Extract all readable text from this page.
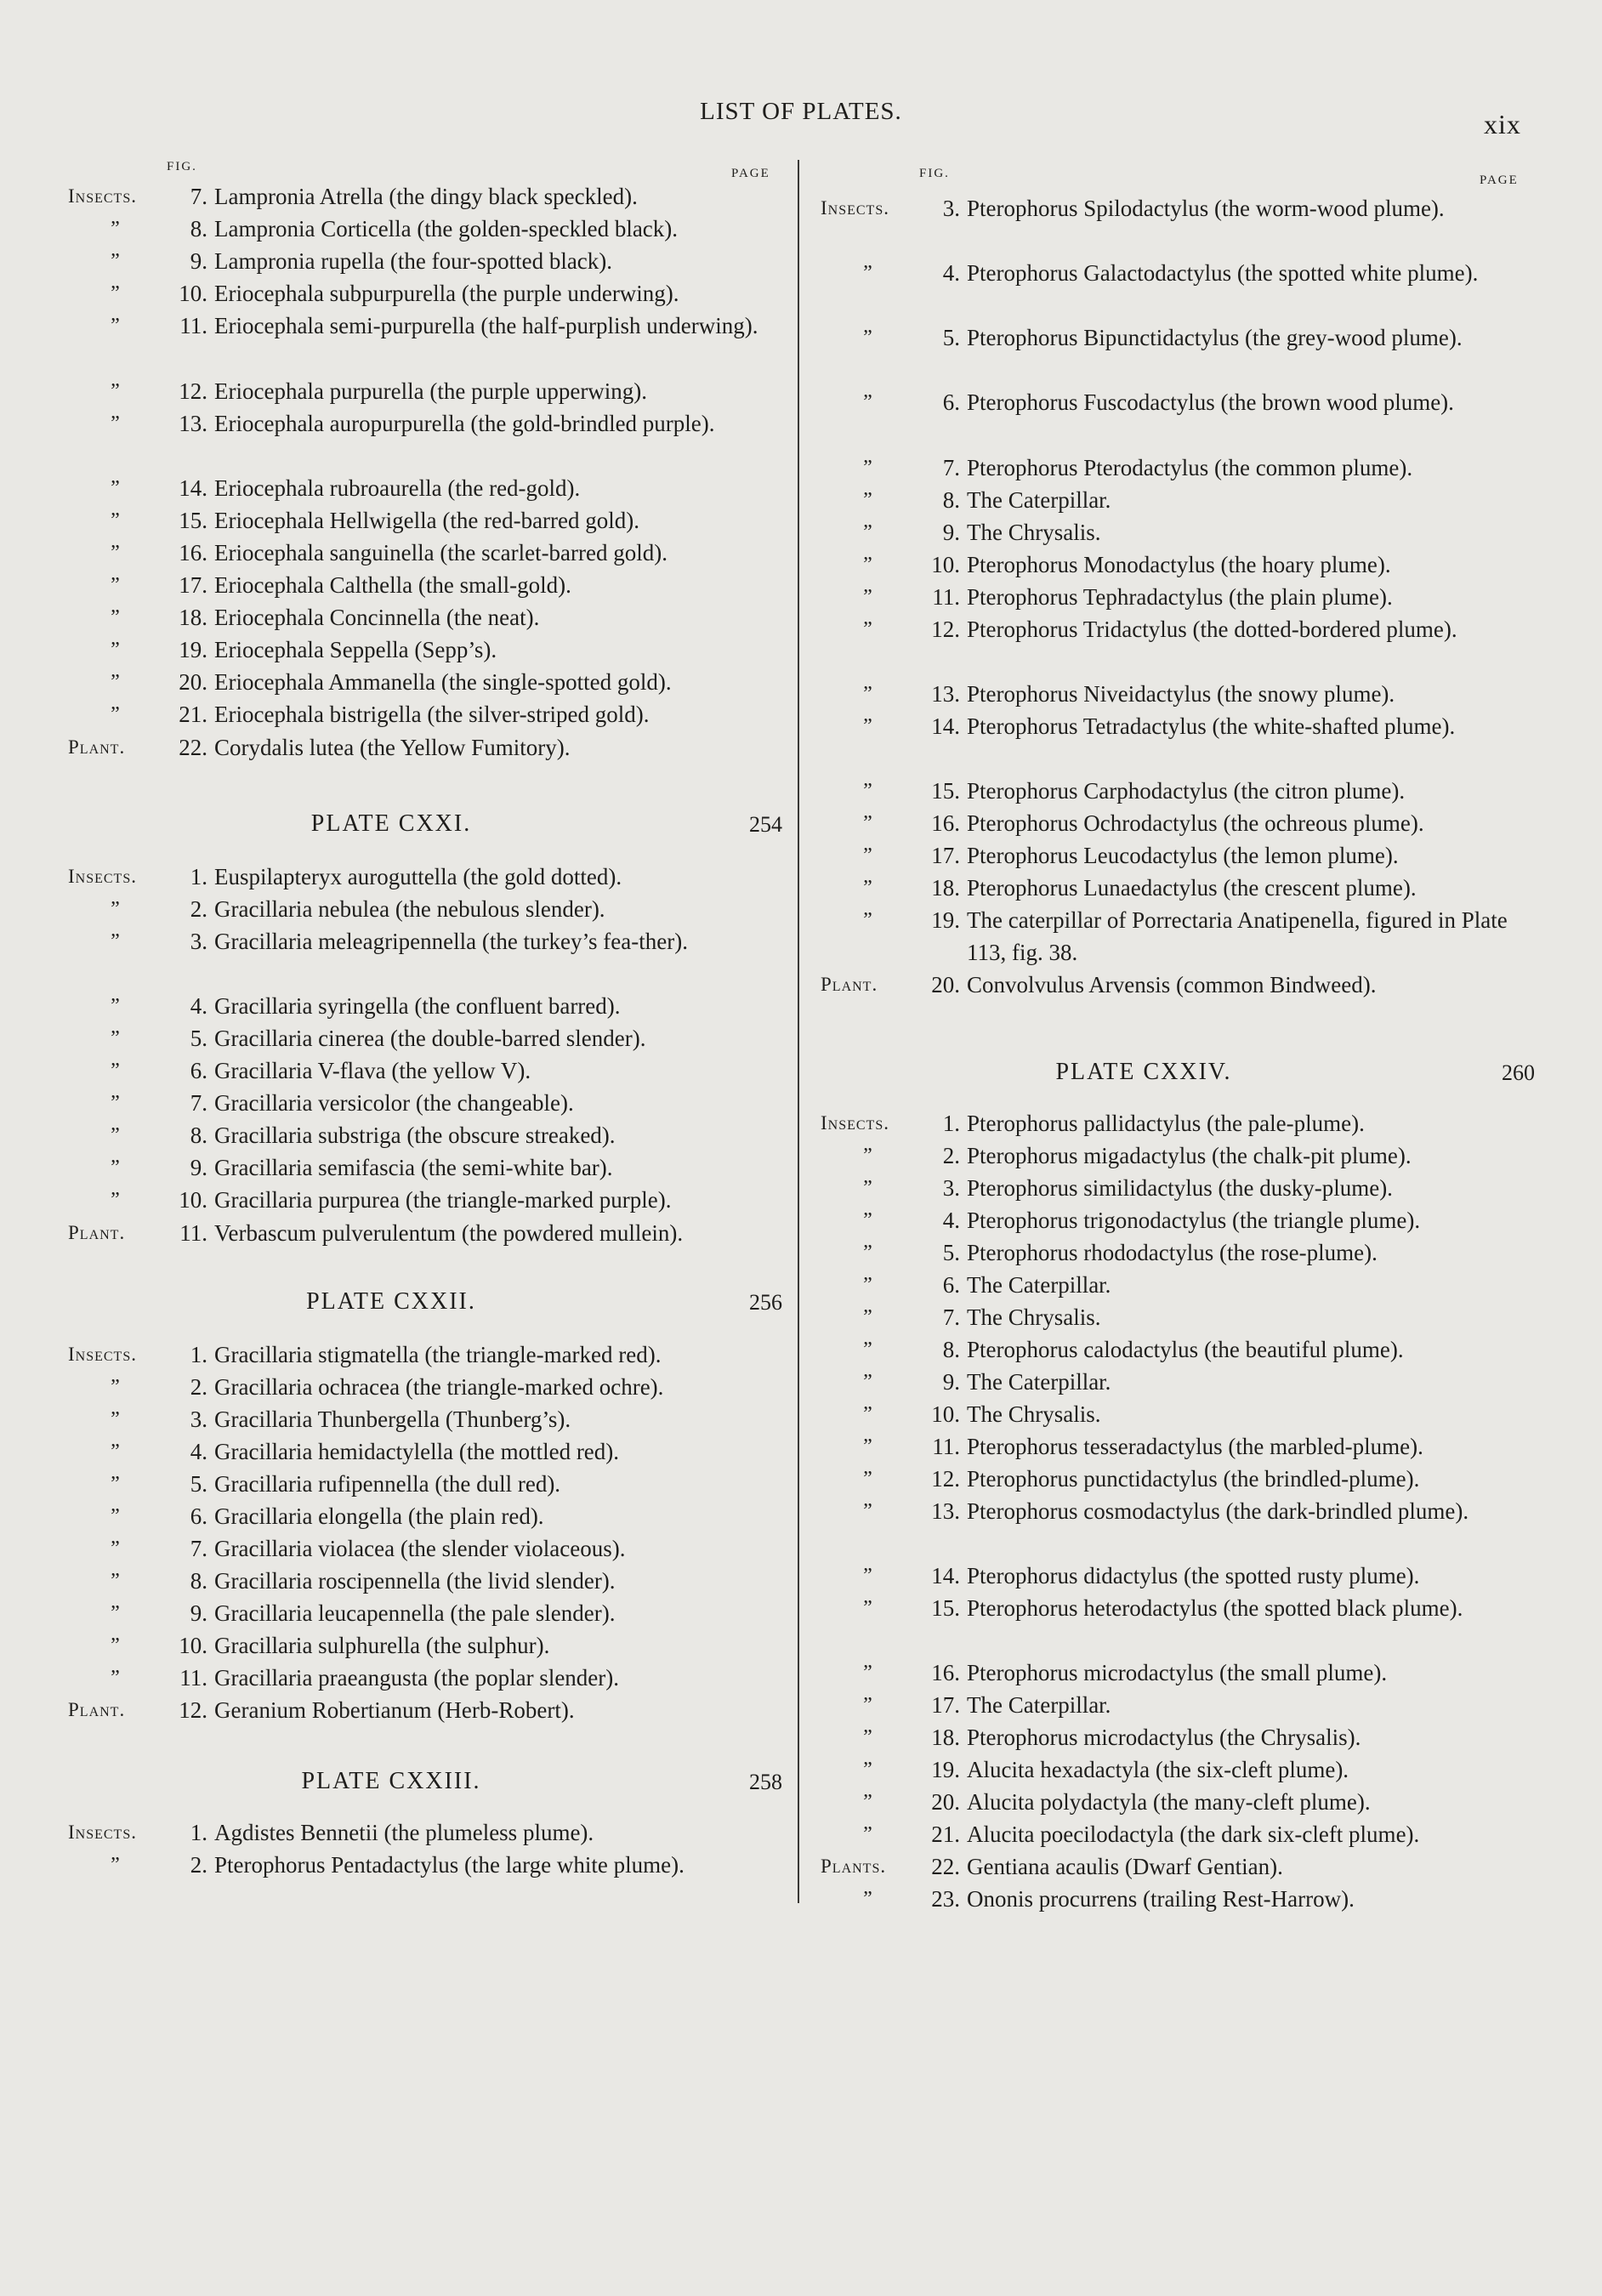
LIST OF PLATES.	xix
FIG.	PAGE
Insects.	7. Lampronia Atrella (the dingy black speckled).
”	8. Lampronia Corticella (the golden-speckled black).
”	9. Lampronia rupella (the four-spotted black).
”	10. Eriocephala subpurpurella (the purple underwing).
”	11. Eriocephala semi-purpurella (the half-purplish underwing).
”	12. Eriocephala purpurella (the purple upperwing).
”	13. Eriocephala auropurpurella (the gold-brindled purple).
”	14. Eriocephala rubroaurella (the red-gold).
”	15. Eriocephala Hellwigella (the red-barred gold).
”	16. Eriocephala sanguinella (the scarlet-barred gold).
”	17. Eriocephala Calthella (the small-gold).
”	18. Eriocephala Concinnella (the neat).
”	19. Eriocephala Seppella (Sepp’s).
”	20. Eriocephala Ammanella (the single-spotted gold).
”	21. Eriocephala bistrigella (the silver-striped gold).
Plant.	22. Corydalis lutea (the Yellow Fumitory).
PLATE CXXI.	254
Insects.	1. Euspilapteryx auroguttella (the gold dotted).
”	2. Gracillaria nebulea (the nebulous slender).
”	3. Gracillaria meleagripennella (the turkey’s fea-ther).
”	4. Gracillaria syringella (the confluent barred).
”	5. Gracillaria cinerea (the double-barred slender).
”	6. Gracillaria V-flava (the yellow V).
”	7. Gracillaria versicolor (the changeable).
”	8. Gracillaria substriga (the obscure streaked).
”	9. Gracillaria semifascia (the semi-white bar).
”	10. Gracillaria purpurea (the triangle-marked purple).
Plant.	11. Verbascum pulverulentum (the powdered mullein).
PLATE CXXII.	256
Insects.	1. Gracillaria stigmatella (the triangle-marked red).
”	2. Gracillaria ochracea (the triangle-marked ochre).
”	3. Gracillaria Thunbergella (Thunberg’s).
”	4. Gracillaria hemidactylella (the mottled red).
”	5. Gracillaria rufipennella (the dull red).
”	6. Gracillaria elongella (the plain red).
”	7. Gracillaria violacea (the slender violaceous).
”	8. Gracillaria roscipennella (the livid slender).
”	9. Gracillaria leucapennella (the pale slender).
”	10. Gracillaria sulphurella (the sulphur).
”	11. Gracillaria praeangusta (the poplar slender).
Plant.	12. Geranium Robertianum (Herb-Robert).
PLATE CXXIII.	258
Insects.	1. Agdistes Bennetii (the plumeless plume).
”	2. Pterophorus Pentadactylus (the large white plume).
FIG.	PAGE
Insects.	3. Pterophorus Spilodactylus (the worm-wood plume).
”	4. Pterophorus Galactodactylus (the spotted white plume).
”	5. Pterophorus Bipunctidactylus (the grey-wood plume).
”	6. Pterophorus Fuscodactylus (the brown wood plume).
”	7. Pterophorus Pterodactylus (the common plume).
”	8. The Caterpillar.
”	9. The Chrysalis.
”	10. Pterophorus Monodactylus (the hoary plume).
”	11. Pterophorus Tephradactylus (the plain plume).
”	12. Pterophorus Tridactylus (the dotted-bordered plume).
”	13. Pterophorus Niveidactylus (the snowy plume).
”	14. Pterophorus Tetradactylus (the white-shafted plume).
”	15. Pterophorus Carphodactylus (the citron plume).
”	16. Pterophorus Ochrodactylus (the ochreous plume).
”	17. Pterophorus Leucodactylus (the lemon plume).
”	18. Pterophorus Lunaedactylus (the crescent plume).
”	19. The caterpillar of Porrectaria Anatipenella, figured in Plate 113, fig. 38.
Plant.	20. Convolvulus Arvensis (common Bindweed).
PLATE CXXIV.	260
Insects.	1. Pterophorus pallidactylus (the pale-plume).
”	2. Pterophorus migadactylus (the chalk-pit plume).
”	3. Pterophorus similidactylus (the dusky-plume).
”	4. Pterophorus trigonodactylus (the triangle plume).
”	5. Pterophorus rhododactylus (the rose-plume).
”	6. The Caterpillar.
”	7. The Chrysalis.
”	8. Pterophorus calodactylus (the beautiful plume).
”	9. The Caterpillar.
”	10. The Chrysalis.
”	11. Pterophorus tesseradactylus (the marbled-plume).
”	12. Pterophorus punctidactylus (the brindled-plume).
”	13. Pterophorus cosmodactylus (the dark-brindled plume).
”	14. Pterophorus didactylus (the spotted rusty plume).
”	15. Pterophorus heterodactylus (the spotted black plume).
”	16. Pterophorus microdactylus (the small plume).
”	17. The Caterpillar.
”	18. Pterophorus microdactylus (the Chrysalis).
”	19. Alucita hexadactyla (the six-cleft plume).
”	20. Alucita polydactyla (the many-cleft plume).
”	21. Alucita poecilodactyla (the dark six-cleft plume).
Plants.	22. Gentiana acaulis (Dwarf Gentian).
”	23. Ononis procurrens (trailing Rest-Harrow).
